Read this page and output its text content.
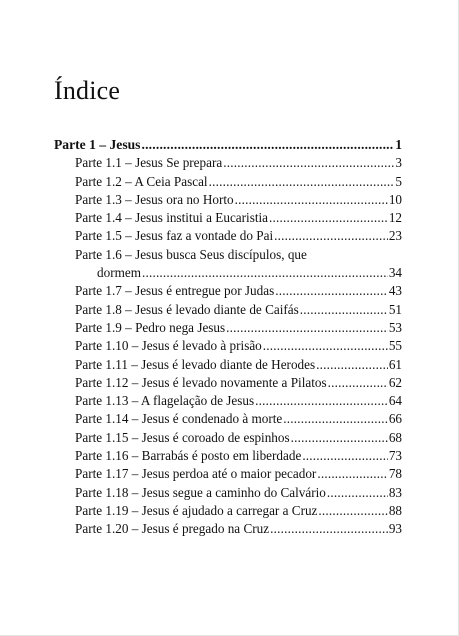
Índice
Parte 1 – Jesus .....	1
Parte 1.1 – Jesus Se prepara .....	3
Parte 1.2 – A Ceia Pascal .....	5
Parte 1.3 – Jesus ora no Horto .....	10
Parte 1.4 – Jesus institui a Eucaristia .....	12
Parte 1.5 – Jesus faz a vontade do Pai .....	23
Parte 1.6 – Jesus busca Seus discípulos, que
dormem .....	34
Parte 1.7 – Jesus é entregue por Judas .....	43
Parte 1.8 – Jesus é levado diante de Caifás .....	51
Parte 1.9 – Pedro nega Jesus .....	53
Parte 1.10 – Jesus é levado à prisão .....	55
Parte 1.11 – Jesus é levado diante de Herodes .....	61
Parte 1.12 – Jesus é levado novamente a Pilatos .....	62
Parte 1.13 – A flagelação de Jesus .....	64
Parte 1.14 – Jesus é condenado à morte .....	66
Parte 1.15 – Jesus é coroado de espinhos .....	68
Parte 1.16 – Barrabás é posto em liberdade .....	73
Parte 1.17 – Jesus perdoa até o maior pecador .....	78
Parte 1.18 – Jesus segue a caminho do Calvário .....	83
Parte 1.19 – Jesus é ajudado a carregar a Cruz .....	88
Parte 1.20 – Jesus é pregado na Cruz .....	93
